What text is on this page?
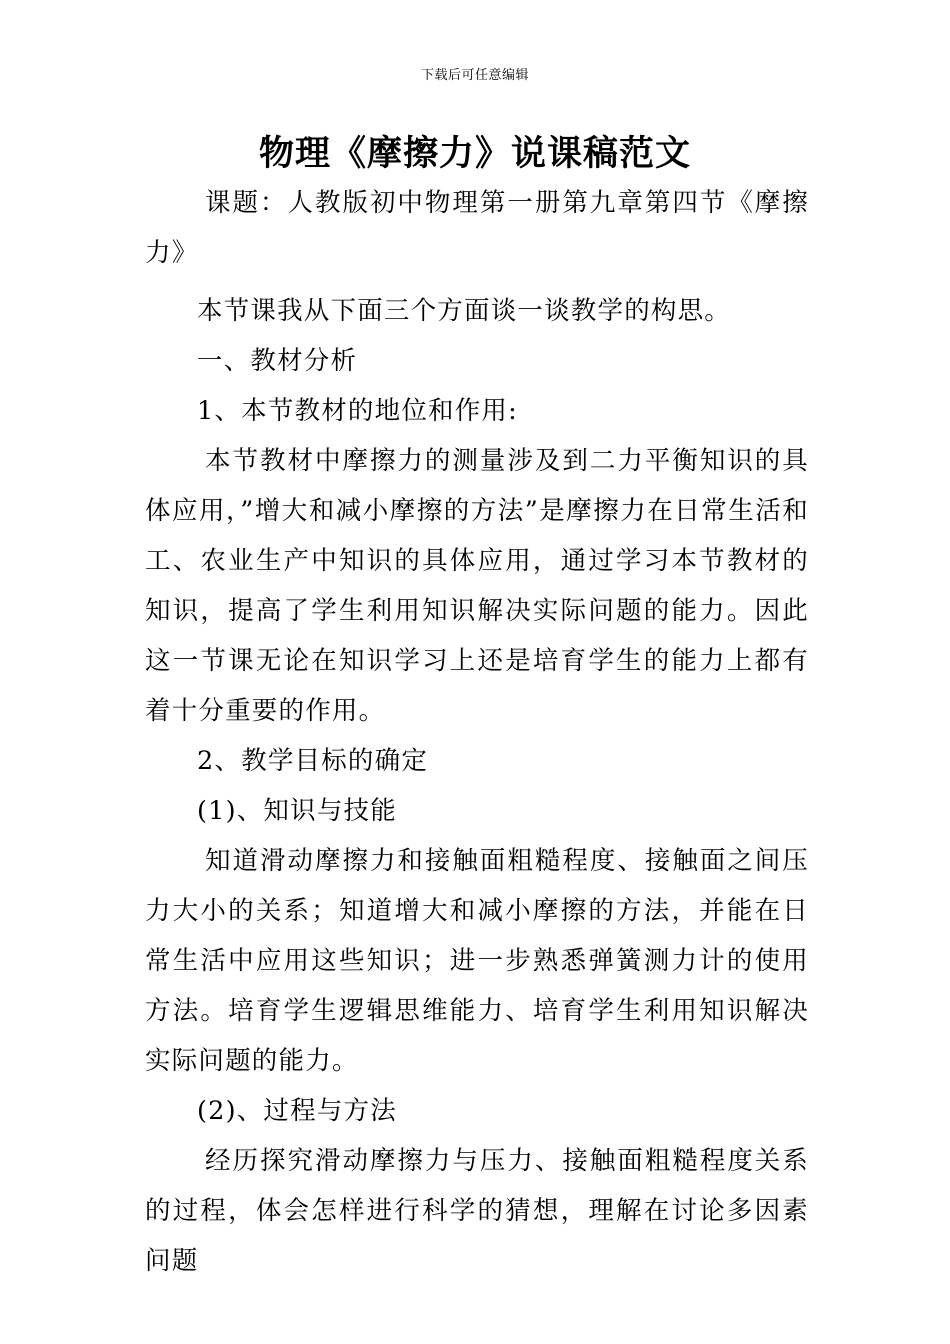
下载后可任意编辑
物理《摩擦力》说课稿范文

课题：人教版初中物理第一册第九章第四节《摩擦力》

本节课我从下面三个方面谈一谈教学的构思。

一、教材分析

1、本节教材的地位和作用:

本节教材中摩擦力的测量涉及到二力平衡知识的具体应用，”增大和减小摩擦的方法”是摩擦力在日常生活和工、农业生产中知识的具体应用，通过学习本节教材的知识，提高了学生利用知识解决实际问题的能力。因此这一节课无论在知识学习上还是培育学生的能力上都有着十分重要的作用。

2、教学目标的确定

(1)、知识与技能

知道滑动摩擦力和接触面粗糙程度、接触面之间压力大小的关系；知道增大和减小摩擦的方法，并能在日常生活中应用这些知识；进一步熟悉弹簧测力计的使用方法。培育学生逻辑思维能力、培育学生利用知识解决实际问题的能力。

(2)、过程与方法

经历探究滑动摩擦力与压力、接触面粗糙程度关系的过程，体会怎样进行科学的猜想，理解在讨论多因素问题
